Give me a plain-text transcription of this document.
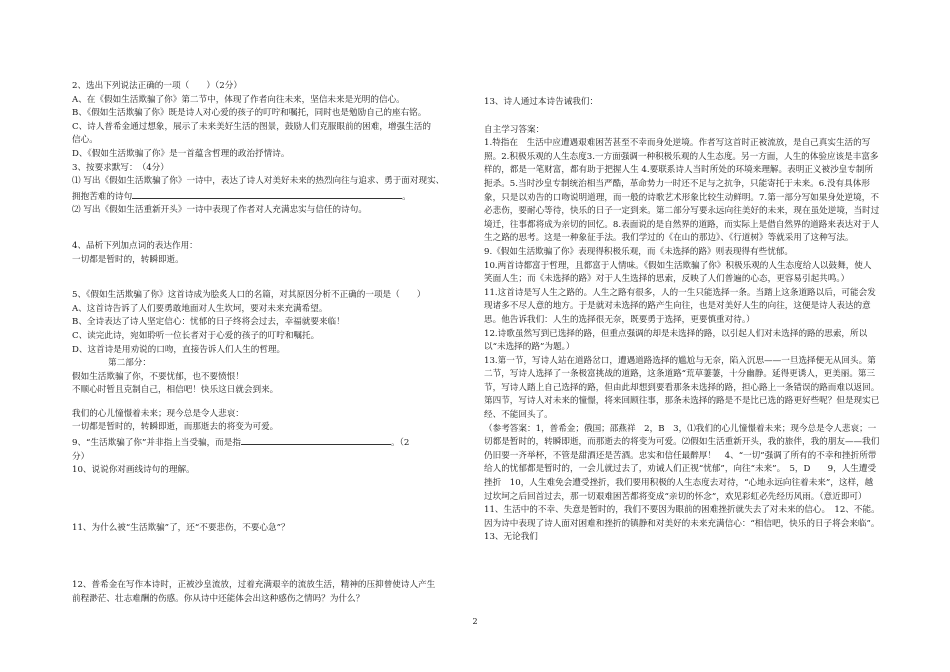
2、选出下列说法正确的一项（　　）（2分）

A、在《假如生活欺骗了你》第二节中，体现了作者向往未来，坚信未来是光明的信心。

B、《假如生活欺骗了你》既是诗人对心爱的孩子的叮咛和嘱托，同时也是勉励自己的座右铭。

C、诗人普希金通过想象，展示了未来美好生活的图景，鼓励人们克服眼前的困难，增强生活的

信心。

D、《假如生活欺骗了你》是一首蕴含哲理的政治抒情诗。

3、按要求默写：　（4分）

⑴ 写出《假如生活欺骗了你》一诗中，表达了诗人对美好未来的热烈向往与追求、勇于面对现实、

拥抱苦难的诗句	。

⑵ 写出《假如生活重新开头》一诗中表现了作者对人充满忠实与信任的诗句。

4、品析下列加点词的表达作用：

一切都是暂时的，转瞬即逝。

5、《假如生活欺骗了你》这首诗成为脍炙人口的名篇，对其原因分析不正确的一项是（　　）

A、这首诗告诉了人们要勇敢地面对人生坎坷，要对未来充满希望。

B、全诗表达了诗人坚定信心：忧郁的日子终将会过去，幸福就要来临！

C、读完此诗，宛如聆听一位长者对于心爱的孩子的叮咛和嘱托。

D、这首诗是用劝说的口吻，直接告诉人们人生的哲理。

第二部分：

假如生活欺骗了你，不要忧郁，也不要愤恨！

不顺心时暂且克制自己，相信吧！快乐这日就会到来。

我们的心儿憧憬着未来；现今总是令人悲哀：

一切都是暂时的，转瞬即逝，而那逝去的将变为可爱。

9、“生活欺骗了你”并非指上当受骗，而是指	。（2

分）

10、说说你对画线诗句的理解。

11、为什么被“生活欺骗”了，还“不要悲伤，不要心急”？

12、普希金在写作本诗时，正被沙皇流放，过着充满艰辛的流放生活，精神的压抑曾使诗人产生

前程渺茫、壮志难酬的伤感。你从诗中还能体会出这种感伤之情吗？为什么？

13、诗人通过本诗告诫我们：

自主学习答案：

1.特指在　生活中应遭遇艰难困苦甚至不幸而身处逆境。作者写这首时正被流放，是自己真实生活的写照。2.积极乐观的人生态度3.一方面强调一种积极乐观的人生态度。另一方面，人生的体验应该是丰富多样的，都是一笔财富，都有助于把握人生 4.要联系诗人当时所处的环境来理解。表明正义被沙皇专制所扼杀。5.当时沙皇专制统治相当严酷，革命势力一时还不足与之抗争，只能寄托于未来。6.没有具体形象，只是以劝告的口吻说明道理，而一般的诗歌艺术形象比较生动鲜明。7.第一部分写如果身处逆境，不必悲伤，要耐心等待，快乐的日子一定到来。第二部分写要永远向往美好的未来，现在虽处逆境，当时过境迁，往事都将成为亲切的回忆。8.表面说的是自然界的道路，而实际上是借自然界的道路来表达对于人生之路的思考。这是一种象征手法。我们学过的《在山的那边》、《行道树》等就采用了这种写法。

9.《假如生活欺骗了你》表现得积极乐观，而《未选择的路》则表现得有些忧郁。

10.两首诗都富于哲理，且都富于人情味。《假如生活欺骗了你》积极乐观的人生态度给人以鼓舞，使人笑面人生；而《未选择的路》对于人生选择的思索，反映了人们普遍的心态，更容易引起共鸣。）

11.这首诗是写人生之路的。人生之路有很多，人的一生只能选择一条。当踏上这条道路以后，可能会发现诸多不尽人意的地方。于是就对未选择的路产生向往，也是对美好人生的向往，这便是诗人表达的意思。他告诉我们：人生的选择很无奈，既要勇于选择，更要慎重对待。）

12.诗歌虽然写到已选择的路，但重点强调的却是未选择的路，以引起人们对未选择的路的思索，所以以“未选择的路”为题。）

13.第一节，写诗人站在道路岔口，遭遇道路选择的尴尬与无奈，陷入沉思——一旦选择便无从回头。第二节，写诗人选择了一条极富挑战的道路，这条道路“荒草萋萋，十分幽静。延得更诱人，更美丽。第三节，写诗人踏上自己选择的路，但由此却想到要看那条未选择的路，担心路上一条错误的路而难以返回。第四节，写诗人对未来的憧憬，将来回顾往事，那条未选择的路是不是比已选的路更好些呢？但是现实已经、不能回头了。

（参考答案：1，普希金；俄国；邵燕祥　2，B　3，⑴我们的心儿憧憬着未来；现今总是令人悲哀；一切都是暂时的，转瞬即逝，而那逝去的将变为可爱。⑵假如生活重新开头，我的旅伴，我的朋友——我们仍旧要一齐举杯，不管是甜酒还是苦酒。忠实和信任最醉厚！　4、“一切”强调了所有的不幸和挫折所带给人的忧郁都是暂时的，一会儿就过去了，劝诫人们正视“忧郁”，向往“未来”。　5，D　　9，人生遭受挫折　10，人生难免会遭受挫折，我们要用积极的人生态度去对待，“心地永远向往着未来”，这样，越过坎坷之后回首过去，那一切艰难困苦都将变成“亲切的怀念”，欢见彩虹必先经历风雨。（意近即可）　11、生活中的不幸、失意是暂时的，我们不要因为眼前的困难挫折就失去了对未来的信心。　12、不能。因为诗中表现了诗人面对困难和挫折的镇静和对美好的未来充满信心：“相信吧，快乐的日子将会来临”。　13、无论我们

2
